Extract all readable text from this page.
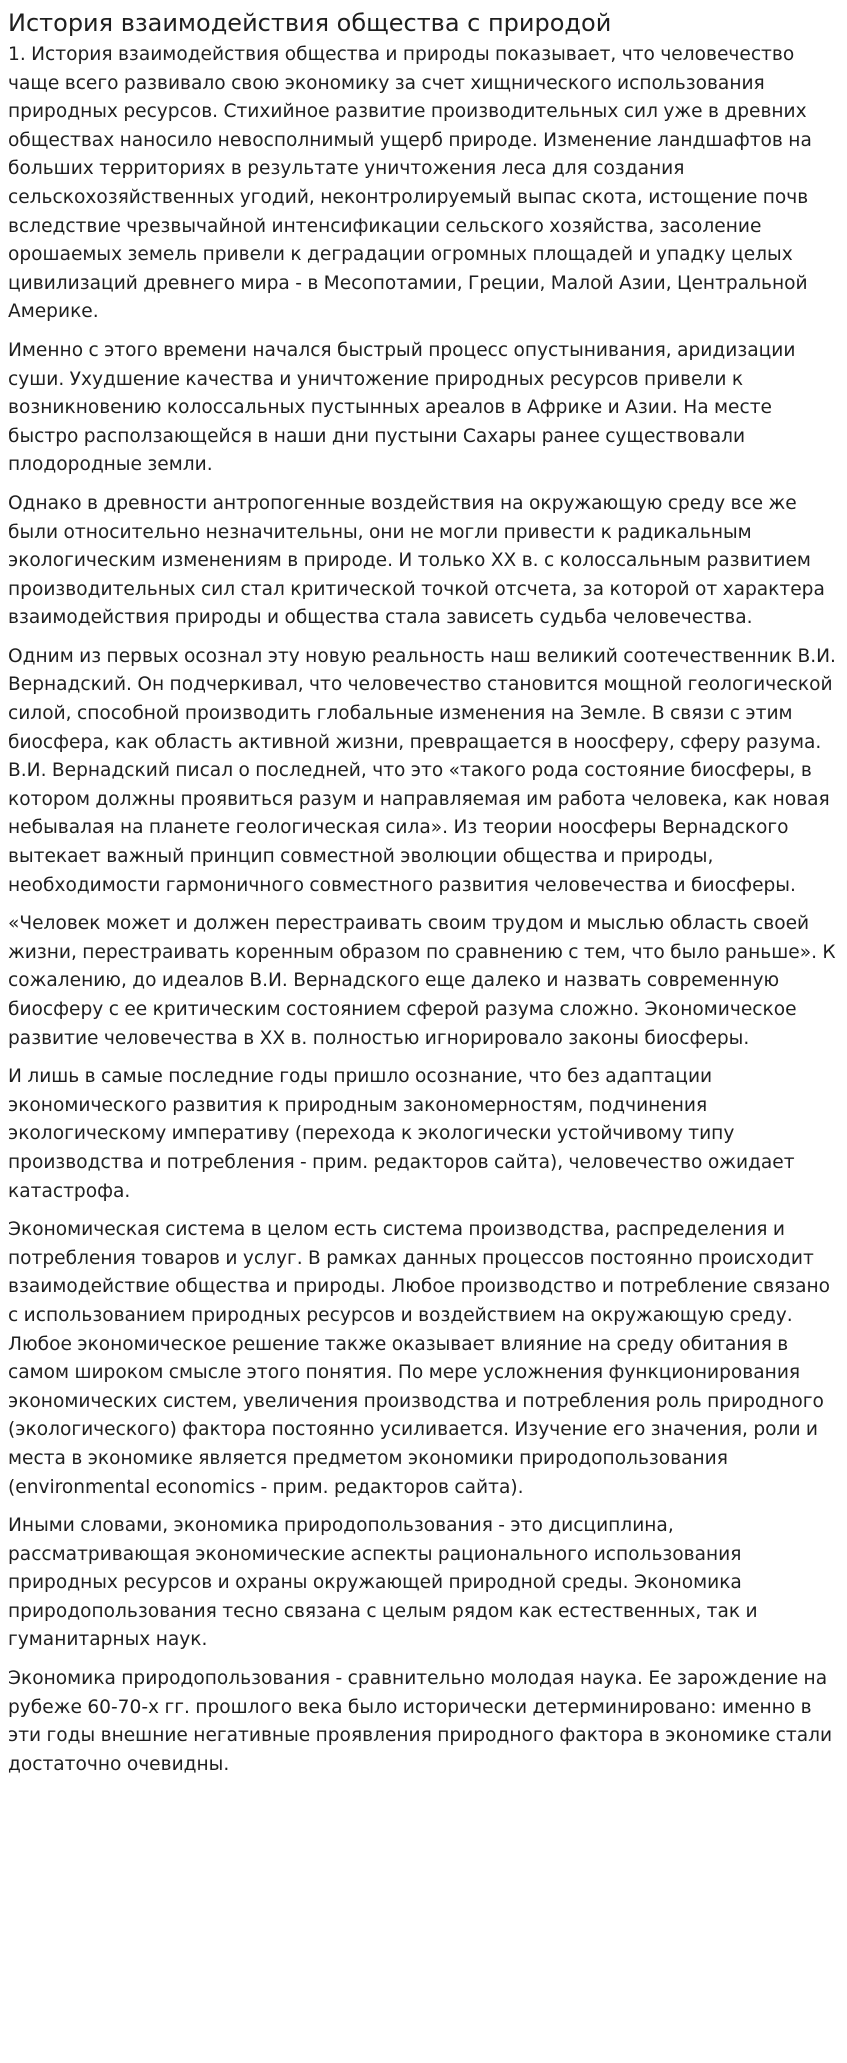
История взаимодействия общества с природой

1. История взаимодействия общества и природы показывает, что человечество чаще всего развивало свою экономику за счет хищнического использования природных ресурсов. Стихийное развитие производительных сил уже в древних обществах наносило невосполнимый ущерб природе. Изменение ландшафтов на больших территориях в результате уничтожения леса для создания сельскохозяйственных угодий, неконтролируемый выпас скота, истощение почв вследствие чрезвычайной интенсификации сельского хозяйства, засоление орошаемых земель привели к деградации огромных площадей и упадку целых цивилизаций древнего мира - в Месопотамии, Греции, Малой Азии, Центральной Америке.

Именно с этого времени начался быстрый процесс опустынивания, аридизации суши. Ухудшение качества и уничтожение природных ресурсов привели к возникновению колоссальных пустынных ареалов в Африке и Азии. На месте быстро расползающейся в наши дни пустыни Сахары ранее существовали плодородные земли.

Однако в древности антропогенные воздействия на окружающую среду все же были относительно незначительны, они не могли привести к радикальным экологическим изменениям в природе. И только XX в. с колоссальным развитием производительных сил стал критической точкой отсчета, за которой от характера взаимодействия природы и общества стала зависеть судьба человечества.

Одним из первых осознал эту новую реальность наш великий соотечественник В.И. Вернадский. Он подчеркивал, что человечество становится мощной геологической силой, способной производить глобальные изменения на Земле. В связи с этим биосфера, как область активной жизни, превращается в ноосферу, сферу разума. В.И. Вернадский писал о последней, что это «такого рода состояние биосферы, в котором должны проявиться разум и направляемая им работа человека, как новая небывалая на планете геологическая сила». Из теории ноосферы Вернадского вытекает важный принцип совместной эволюции общества и природы, необходимости гармоничного совместного развития человечества и биосферы.

«Человек может и должен перестраивать своим трудом и мыслью область своей жизни, перестраивать коренным образом по сравнению с тем, что было раньше». К сожалению, до идеалов В.И. Вернадского еще далеко и назвать современную биосферу с ее критическим состоянием сферой разума сложно. Экономическое развитие человечества в XX в. полностью игнорировало законы биосферы.

И лишь в самые последние годы пришло осознание, что без адаптации экономического развития к природным закономерностям, подчинения экологическому императиву (перехода к экологически устойчивому типу производства и потребления - прим. редакторов сайта), человечество ожидает катастрофа.

Экономическая система в целом есть система производства, распределения и потребления товаров и услуг. В рамках данных процессов постоянно происходит взаимодействие общества и природы. Любое производство и потребление связано с использованием природных ресурсов и воздействием на окружающую среду. Любое экономическое решение также оказывает влияние на среду обитания в самом широком смысле этого понятия. По мере усложнения функционирования экономических систем, увеличения производства и потребления роль природного (экологического) фактора постоянно усиливается. Изучение его значения, роли и места в экономике является предметом экономики природопользования (environmental economics - прим. редакторов сайта).

Иными словами, экономика природопользования - это дисциплина, рассматривающая экономические аспекты рационального использования природных ресурсов и охраны окружающей природной среды. Экономика природопользования тесно связана с целым рядом как естественных, так и гуманитарных наук.

Экономика природопользования - сравнительно молодая наука. Ее зарождение на рубеже 60-70-х гг. прошлого века было исторически детерминировано: именно в эти годы внешние негативные проявления природного фактора в экономике стали достаточно очевидны.
